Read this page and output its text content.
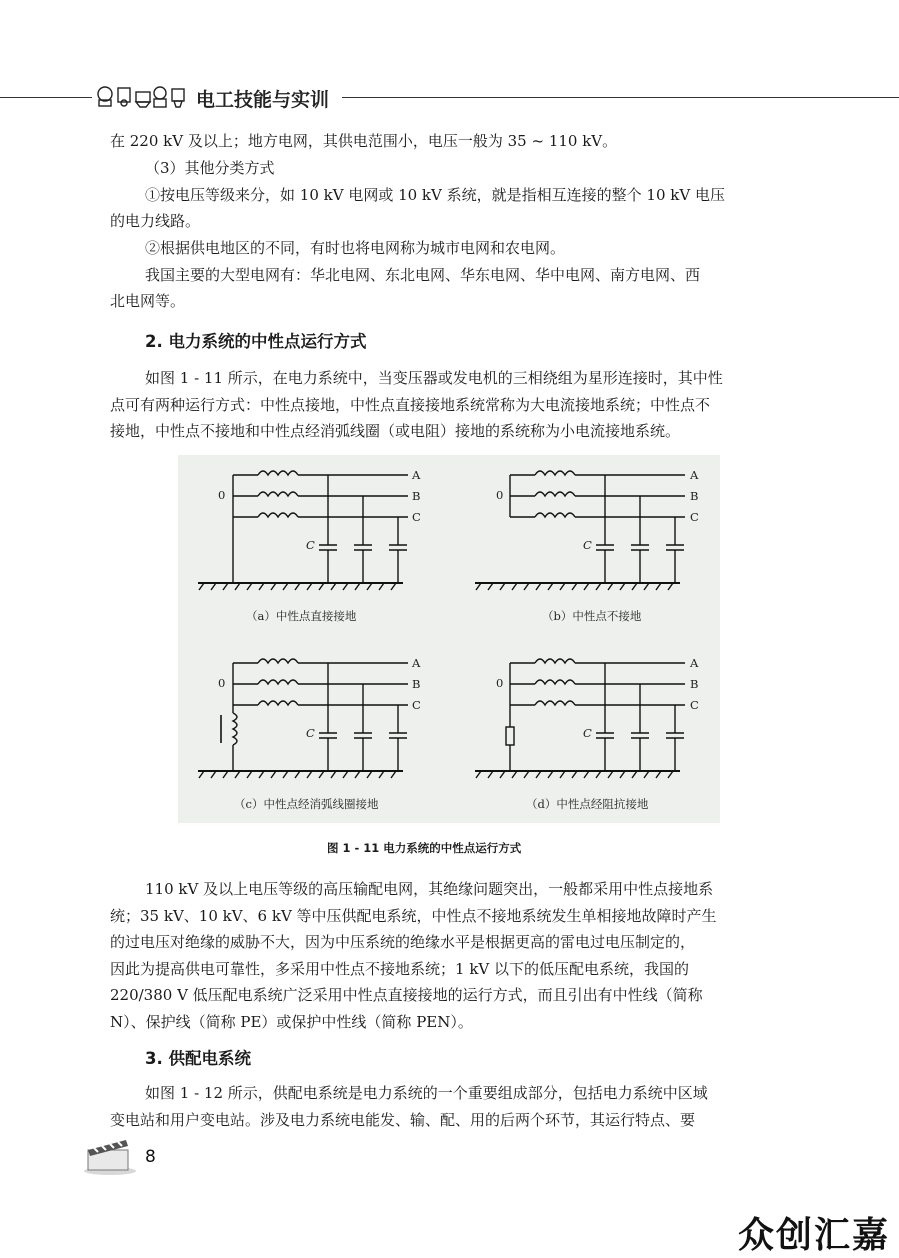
电工技能与实训
在 220 kV 及以上；地方电网，其供电范围小，电压一般为 35 ~ 110 kV。
（3）其他分类方式
①按电压等级来分，如 10 kV 电网或 10 kV 系统，就是指相互连接的整个 10 kV 电压
的电力线路。
②根据供电地区的不同，有时也将电网称为城市电网和农电网。
我国主要的大型电网有：华北电网、东北电网、华东电网、华中电网、南方电网、西
北电网等。
2. 电力系统的中性点运行方式
如图 1 - 11 所示，在电力系统中，当变压器或发电机的三相绕组为星形连接时，其中性
点可有两种运行方式：中性点接地，中性点直接接地系统常称为大电流接地系统；中性点不
接地，中性点不接地和中性点经消弧线圈（或电阻）接地的系统称为小电流接地系统。
0
A
B
C
C
（a）中性点直接接地
0
A
B
C
C
（b）中性点不接地
0
A
B
C
C
（c）中性点经消弧线圈接地
0
A
B
C
C
（d）中性点经阻抗接地
图 1 - 11 电力系统的中性点运行方式
110 kV 及以上电压等级的高压输配电网，其绝缘问题突出，一般都采用中性点接地系
统；35 kV、10 kV、6 kV 等中压供配电系统，中性点不接地系统发生单相接地故障时产生
的过电压对绝缘的威胁不大，因为中压系统的绝缘水平是根据更高的雷电过电压制定的，
因此为提高供电可靠性，多采用中性点不接地系统；1 kV 以下的低压配电系统，我国的
220/380 V 低压配电系统广泛采用中性点直接接地的运行方式，而且引出有中性线（简称
N）、保护线（简称 PE）或保护中性线（简称 PEN）。
3. 供配电系统
如图 1 - 12 所示，供配电系统是电力系统的一个重要组成部分，包括电力系统中区域
变电站和用户变电站。涉及电力系统电能发、输、配、用的后两个环节，其运行特点、要
8
众创汇嘉
